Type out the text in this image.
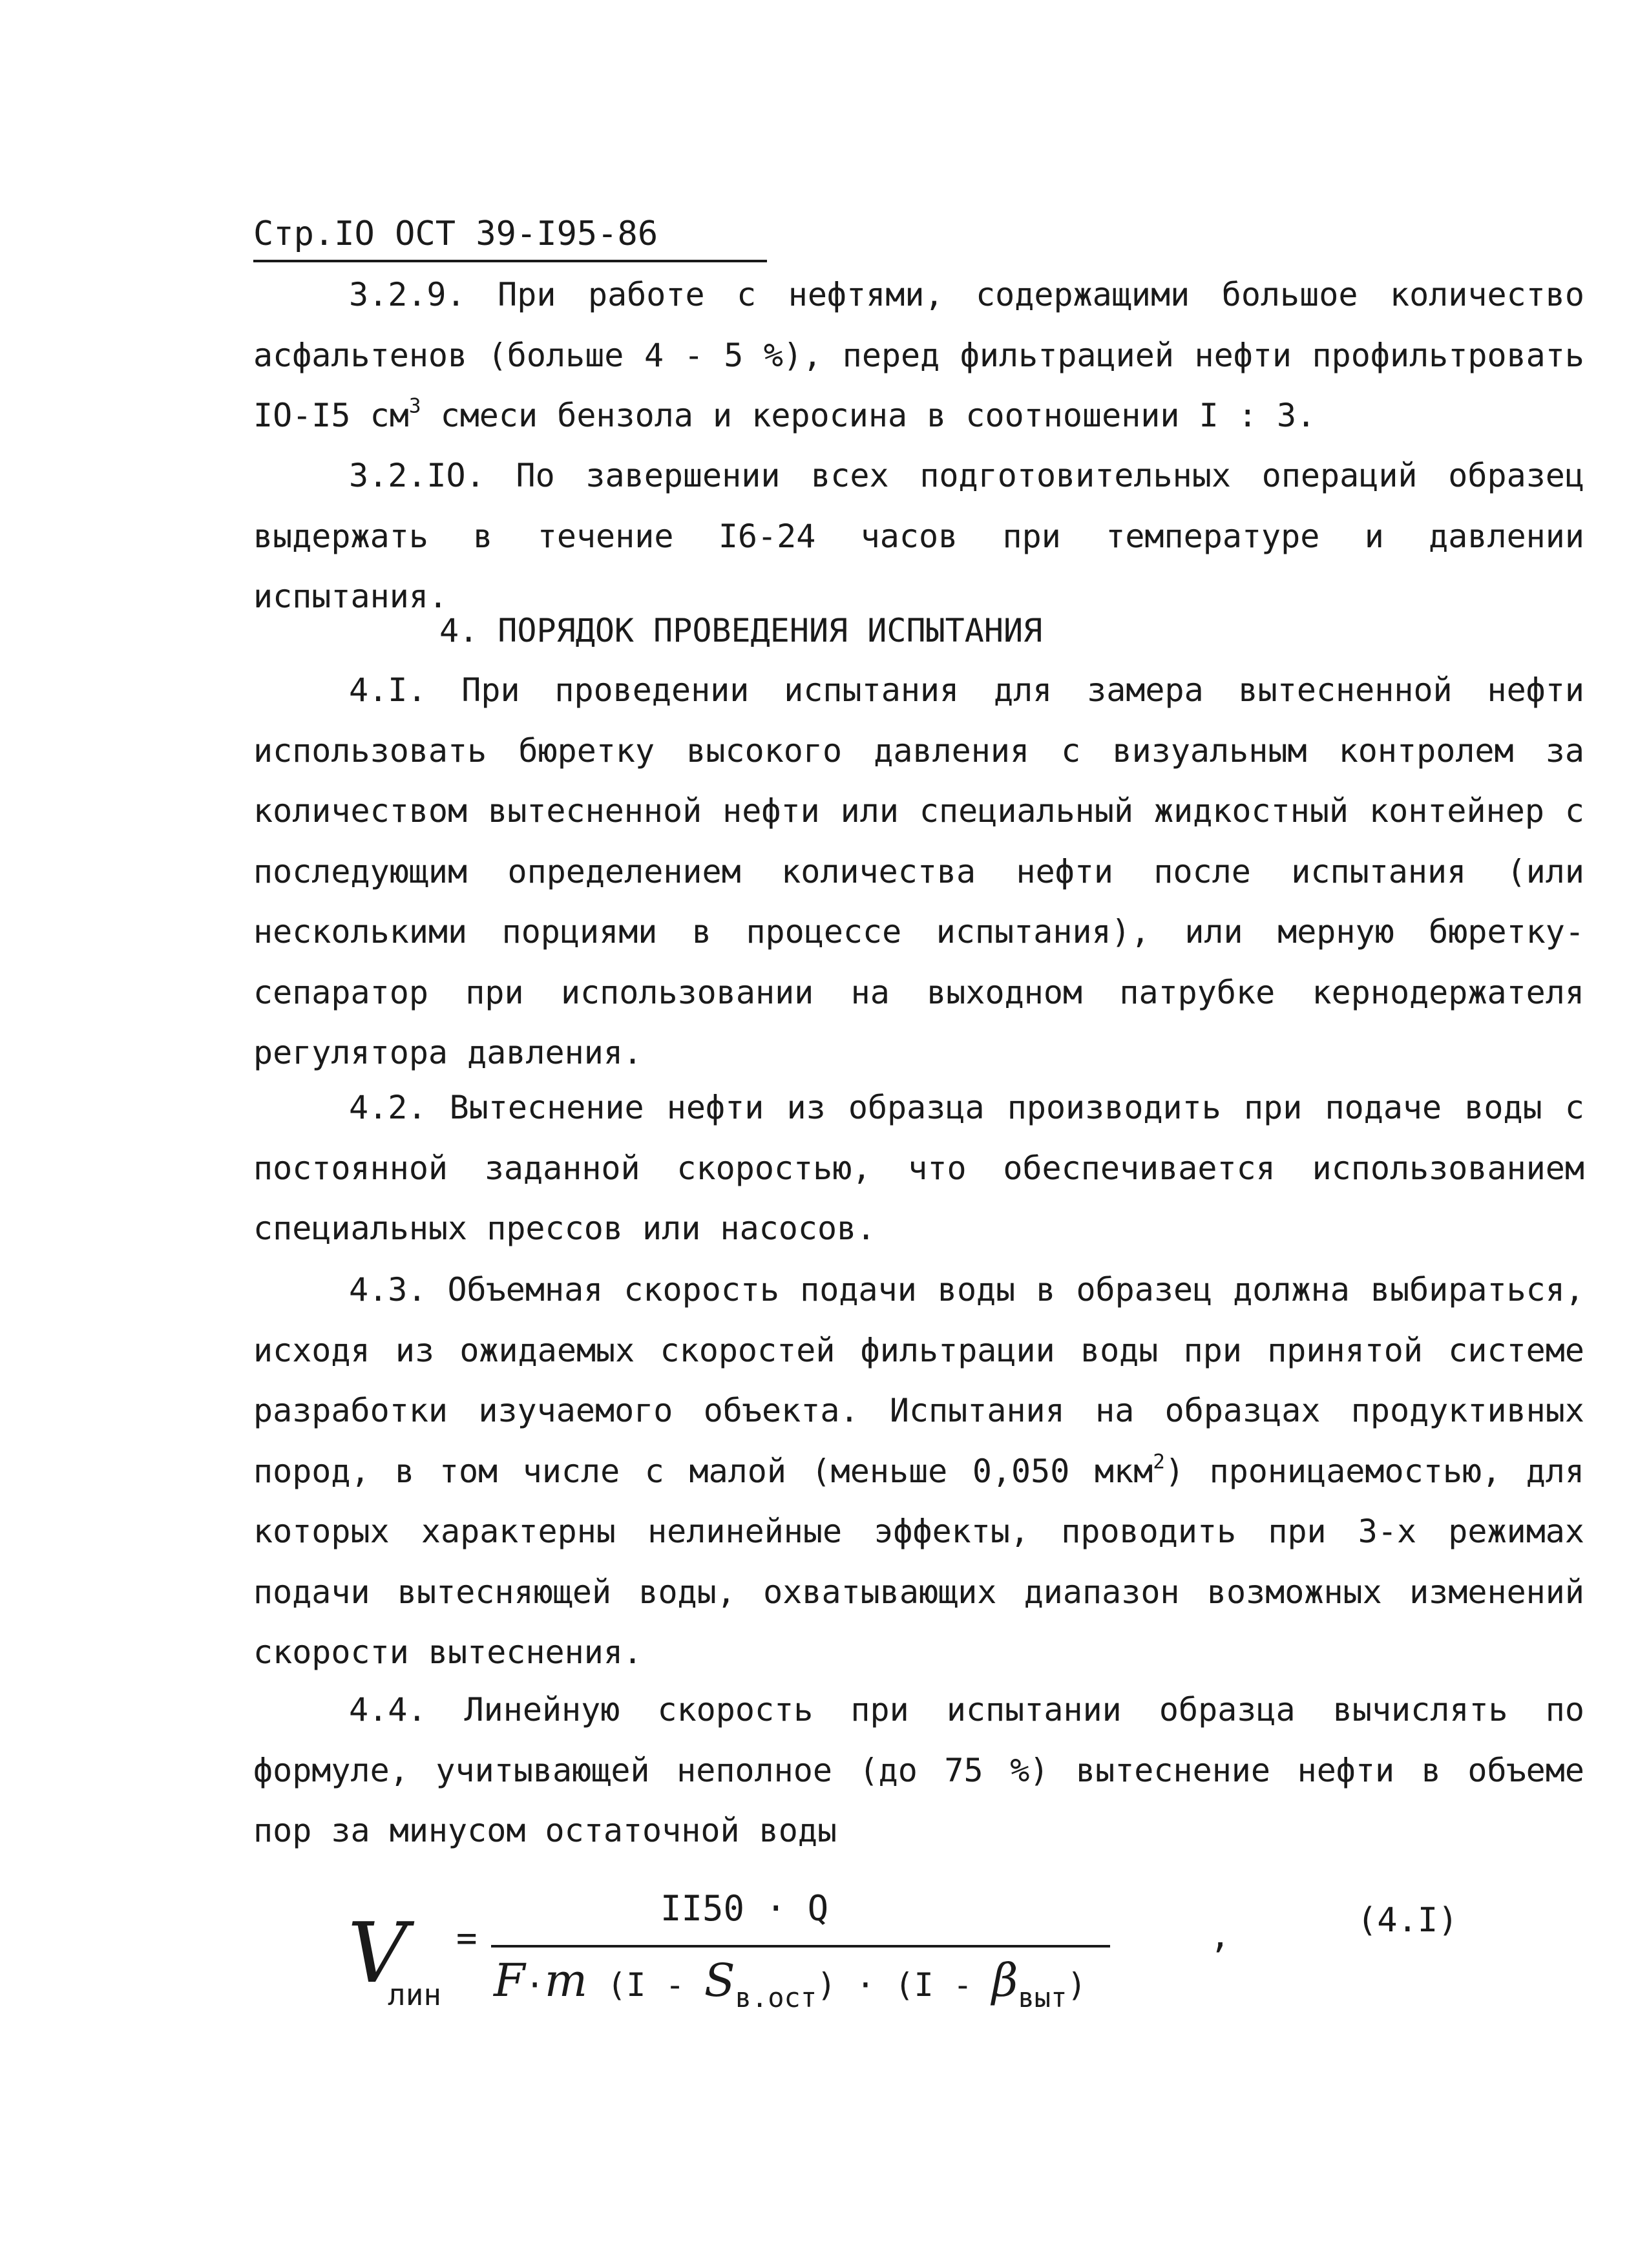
Стр.IO ОСТ 39-I95-86

3.2.9. При работе с нефтями, содержащими большое количество асфальтенов (больше 4 - 5 %), перед фильтрацией нефти профильтровать IO-I5 $см^3$ смеси бензола и керосина в соотношении I : 3.

3.2.IO. По завершении всех подготовительных операций образец выдержать в течение I6-24 часов при температуре и давлении испытания.

4. ПОРЯДОК ПРОВЕДЕНИЯ ИСПЫТАНИЯ

4.I. При проведении испытания для замера вытесненной нефти использовать бюретку высокого давления с визуальным контролем за количеством вытесненной нефти или специальный жидкостный контейнер с последующим определением количества нефти после испытания (или несколькими порциями в процессе испытания), или мерную бюретку-сепаратор при использовании на выходном патрубке кернодержателя регулятора давления.

4.2. Вытеснение нефти из образца производить при подаче воды с постоянной заданной скоростью, что обеспечивается использованием специальных прессов или насосов.

4.3. Объемная скорость подачи воды в образец должна выбираться, исходя из ожидаемых скоростей фильтрации воды при принятой системе разработки изучаемого объекта. Испытания на образцах продуктивных пород, в том числе с малой (меньше 0,050 мкм$^2$) проницаемостью, для которых характерны нелинейные эффекты, проводить при 3-х режимах подачи вытесняющей воды, охватывающих диапазон возможных изменений скорости вытеснения.

4.4. Линейную скорость при испытании образца вычислять по формуле, учитывающей неполное (до 75 %) вытеснение нефти в объеме пор за минусом остаточной воды

V
лин
=
II50 · Q
F·m $(I - S_{в.ост}) \cdot (I - \beta_{выт})$
,	(4.I)
